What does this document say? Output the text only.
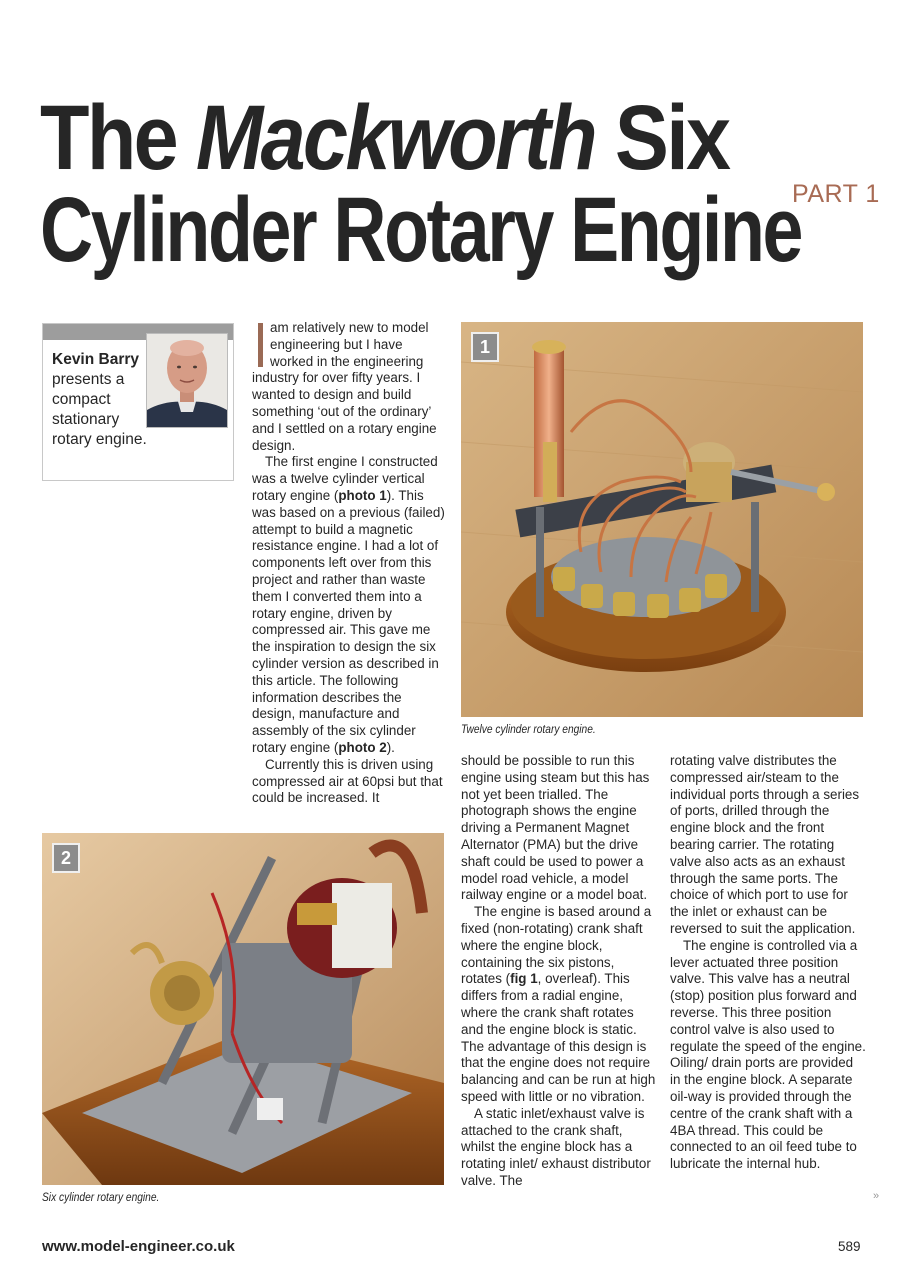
The Mackworth Six
Cylinder Rotary Engine
PART 1
Kevin Barry presents a compact stationary rotary engine.

am relatively new to model engineering but I have worked in the engineering industry for over fifty years. I wanted to design and build something ‘out of the ordinary’ and I settled on a rotary engine design.

The first engine I constructed was a twelve cylinder vertical rotary engine (photo 1). This was based on a previous (failed) attempt to build a magnetic resistance engine. I had a lot of components left over from this project and rather than waste them I converted them into a rotary engine, driven by compressed air. This gave me the inspiration to design the six cylinder version as described in this article. The following information describes the design, manufacture and assembly of the six cylinder rotary engine (photo 2).

Currently this is driven using compressed air at 60psi but that could be increased. It

1
Twelve cylinder rotary engine.

should be possible to run this engine using steam but this has not yet been trialled. The photograph shows the engine driving a Permanent Magnet Alternator (PMA) but the drive shaft could be used to power a model road vehicle, a model railway engine or a model boat.

The engine is based around a fixed (non-rotating) crank shaft where the engine block, containing the six pistons, rotates (fig 1, overleaf). This differs from a radial engine, where the crank shaft rotates and the engine block is static. The advantage of this design is that the engine does not require balancing and can be run at high speed with little or no vibration.

A static inlet/exhaust valve is attached to the crank shaft, whilst the engine block has a rotating inlet/ exhaust distributor valve. The

rotating valve distributes the compressed air/steam to the individual ports through a series of ports, drilled through the engine block and the front bearing carrier. The rotating valve also acts as an exhaust through the same ports. The choice of which port to use for the inlet or exhaust can be reversed to suit the application.

The engine is controlled via a lever actuated three position valve. This valve has a neutral (stop) position plus forward and reverse. This three position control valve is also used to regulate the speed of the engine. Oiling/ drain ports are provided in the engine block. A separate oil-way is provided through the centre of the crank shaft with a 4BA thread. This could be connected to an oil feed tube to lubricate the internal hub.

2
Six cylinder rotary engine.
www.model-engineer.co.uk	589
»
